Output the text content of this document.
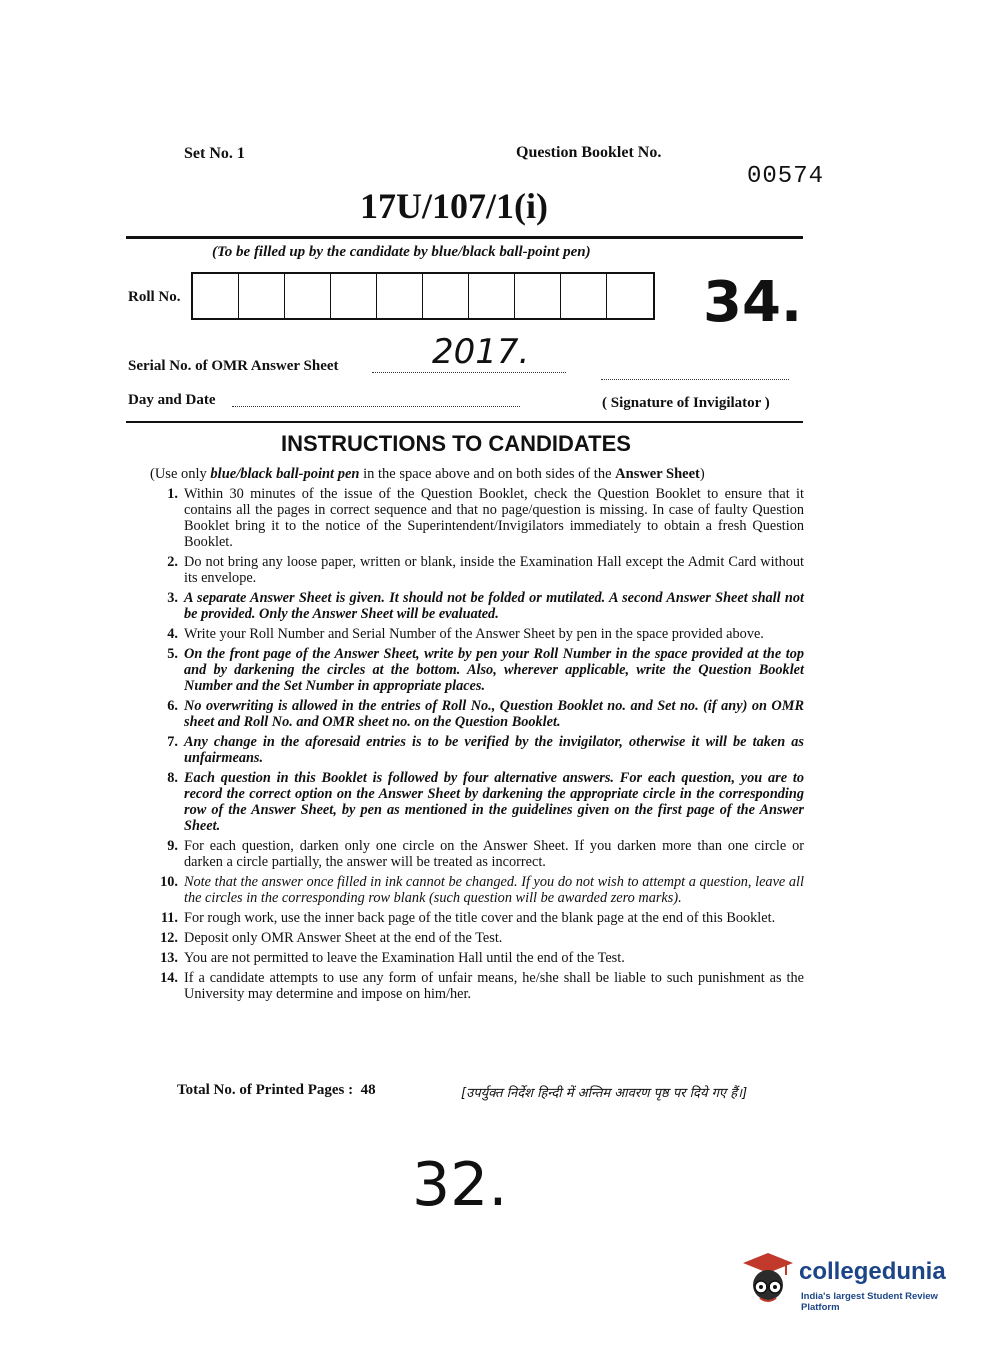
Set No. 1	Question Booklet No.
00574
17U/107/1(i)
(To be filled up by the candidate by blue/black ball-point pen)
Roll No.	34.
Serial No. of OMR Answer Sheet	2017.
Day and Date	( Signature of Invigilator )
INSTRUCTIONS TO CANDIDATES
(Use only blue/black ball-point pen in the space above and on both sides of the Answer Sheet)
1. Within 30 minutes of the issue of the Question Booklet, check the Question Booklet to ensure that it contains all the pages in correct sequence and that no page/question is missing. In case of faulty Question Booklet bring it to the notice of the Superintendent/Invigilators immediately to obtain a fresh Question Booklet.
2. Do not bring any loose paper, written or blank, inside the Examination Hall except the Admit Card without its envelope.
3. A separate Answer Sheet is given. It should not be folded or mutilated. A second Answer Sheet shall not be provided. Only the Answer Sheet will be evaluated.
4. Write your Roll Number and Serial Number of the Answer Sheet by pen in the space provided above.
5. On the front page of the Answer Sheet, write by pen your Roll Number in the space provided at the top and by darkening the circles at the bottom. Also, wherever applicable, write the Question Booklet Number and the Set Number in appropriate places.
6. No overwriting is allowed in the entries of Roll No., Question Booklet no. and Set no. (if any) on OMR sheet and Roll No. and OMR sheet no. on the Question Booklet.
7. Any change in the aforesaid entries is to be verified by the invigilator, otherwise it will be taken as unfairmeans.
8. Each question in this Booklet is followed by four alternative answers. For each question, you are to record the correct option on the Answer Sheet by darkening the appropriate circle in the corresponding row of the Answer Sheet, by pen as mentioned in the guidelines given on the first page of the Answer Sheet.
9. For each question, darken only one circle on the Answer Sheet. If you darken more than one circle or darken a circle partially, the answer will be treated as incorrect.
10. Note that the answer once filled in ink cannot be changed. If you do not wish to attempt a question, leave all the circles in the corresponding row blank (such question will be awarded zero marks).
11. For rough work, use the inner back page of the title cover and the blank page at the end of this Booklet.
12. Deposit only OMR Answer Sheet at the end of the Test.
13. You are not permitted to leave the Examination Hall until the end of the Test.
14. If a candidate attempts to use any form of unfair means, he/she shall be liable to such punishment as the University may determine and impose on him/her.
Total No. of Printed Pages : 48	[उपर्युक्त निर्देश हिन्दी में अन्तिम आवरण पृष्ठ पर दिये गए हैं।]
32.
collegedunia
India's largest Student Review Platform
